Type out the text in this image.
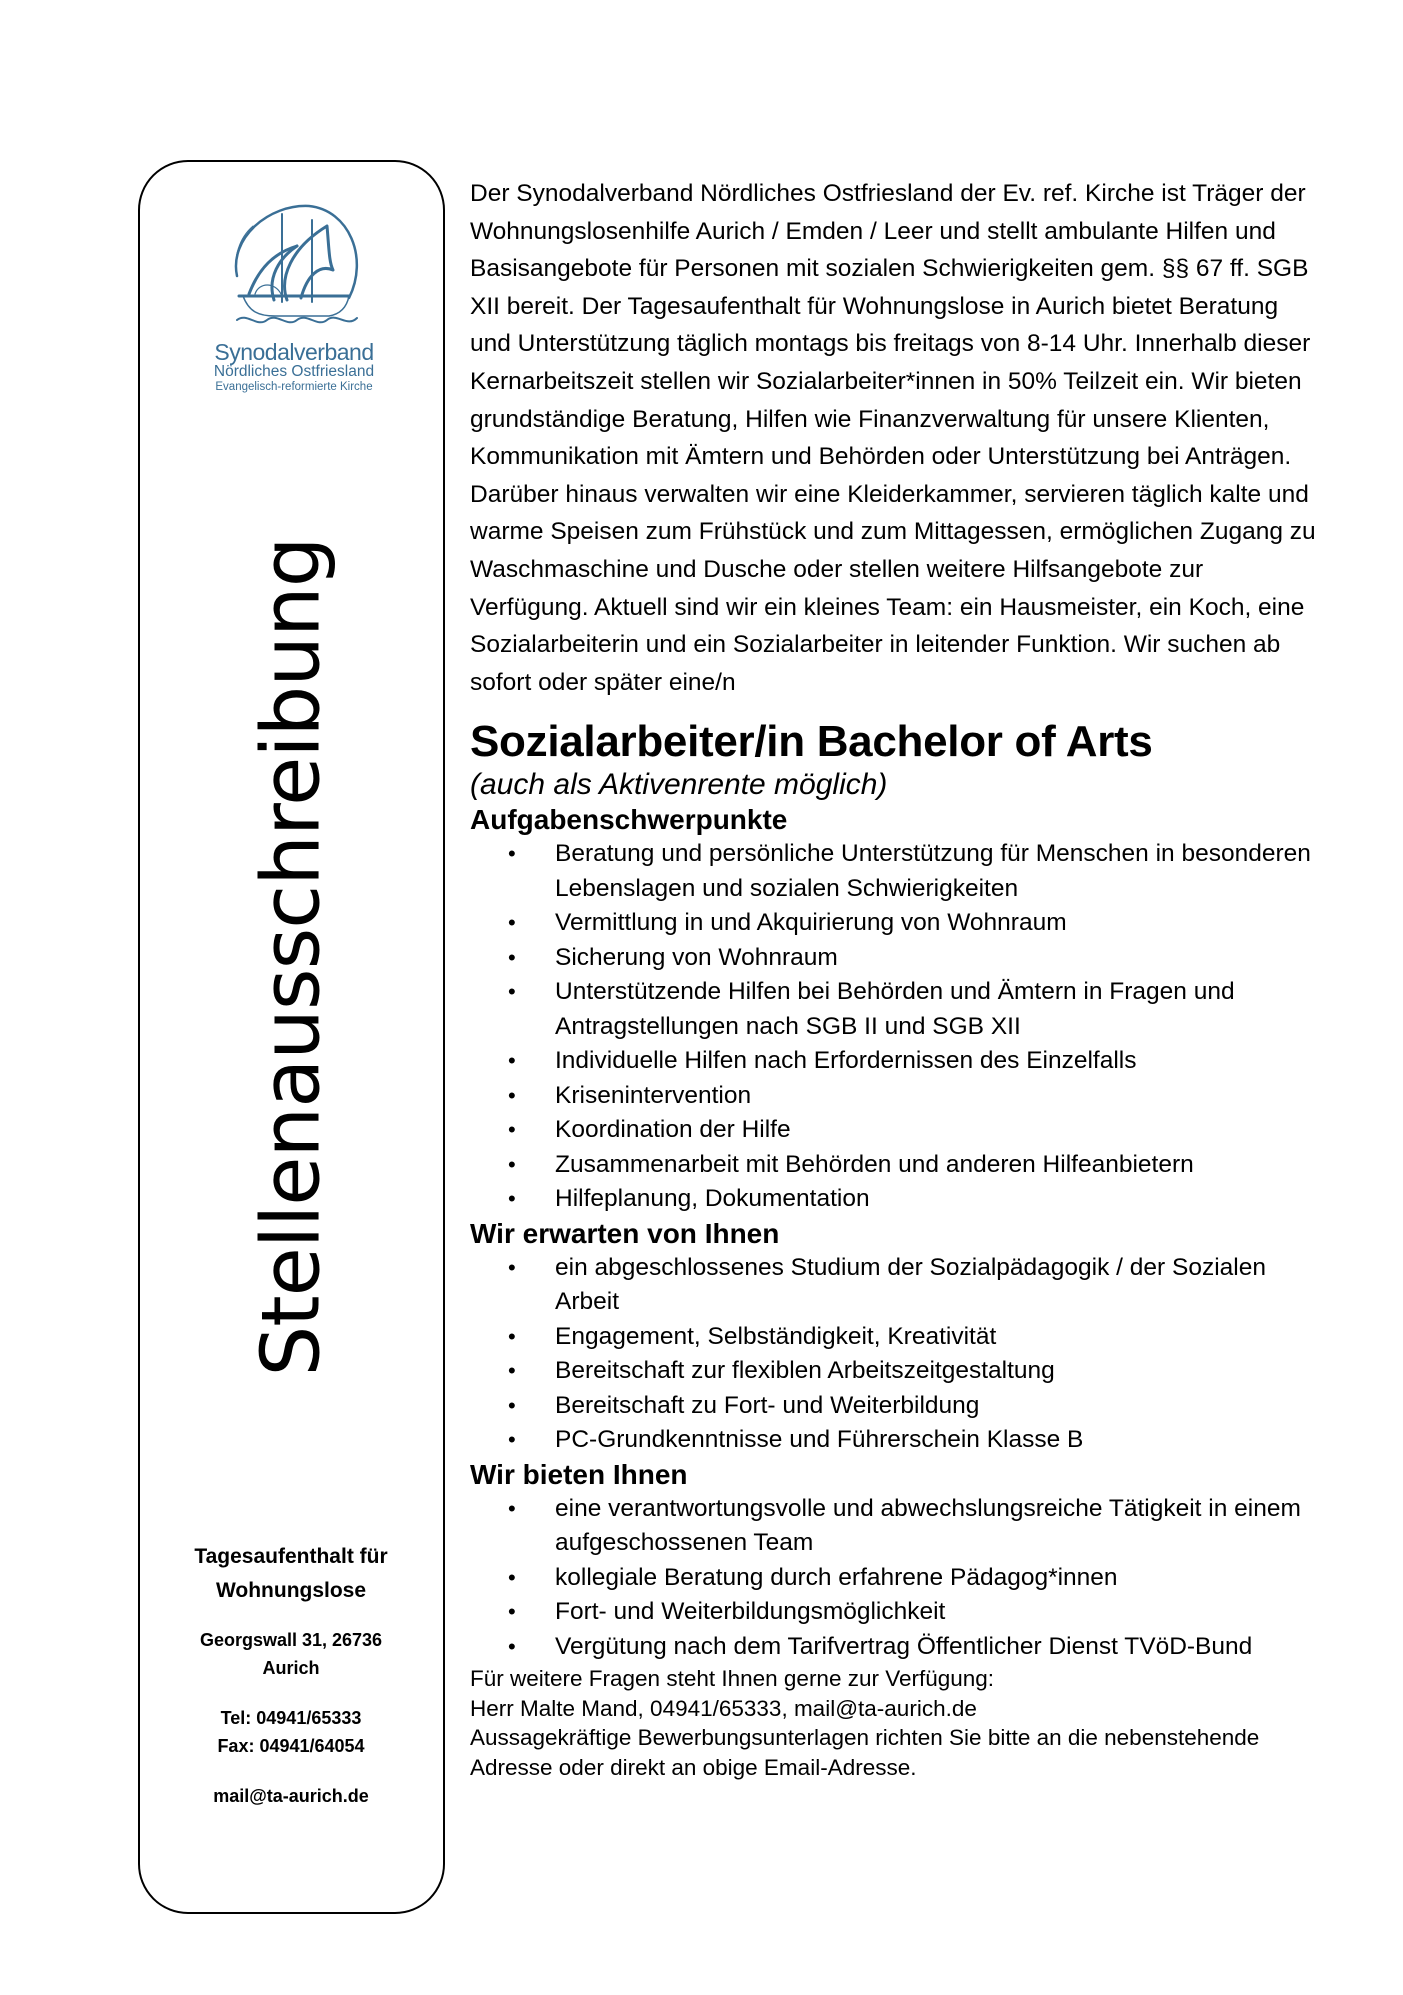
Synodalverband
Nördliches Ostfriesland
Evangelisch-reformierte Kirche
Stellenausschreibung
Tagesaufenthalt für
Wohnungslose
Georgswall 31, 26736
Aurich
Tel: 04941/65333
Fax: 04941/64054
mail@ta-aurich.de

Der Synodalverband Nördliches Ostfriesland der Ev. ref. Kirche ist Träger der Wohnungslosenhilfe Aurich / Emden / Leer und stellt ambulante Hilfen und Basisangebote für Personen mit sozialen Schwierigkeiten gem. §§ 67 ff. SGB XII bereit. Der Tagesaufenthalt für Wohnungslose in Aurich bietet Beratung und Unterstützung täglich montags bis freitags von 8-14 Uhr. Innerhalb dieser Kernarbeitszeit stellen wir Sozialarbeiter*innen in 50% Teilzeit ein. Wir bieten grundständige Beratung, Hilfen wie Finanzverwaltung für unsere Klienten, Kommunikation mit Ämtern und Behörden oder Unterstützung bei Anträgen. Darüber hinaus verwalten wir eine Kleiderkammer, servieren täglich kalte und warme Speisen zum Frühstück und zum Mittagessen, ermöglichen Zugang zu Waschmaschine und Dusche oder stellen weitere Hilfsangebote zur Verfügung. Aktuell sind wir ein kleines Team: ein Hausmeister, ein Koch, eine Sozialarbeiterin und ein Sozialarbeiter in leitender Funktion. Wir suchen ab sofort oder später eine/n

Sozialarbeiter/in Bachelor of Arts
(auch als Aktivenrente möglich)
Aufgabenschwerpunkte
• Beratung und persönliche Unterstützung für Menschen in besonderen Lebenslagen und sozialen Schwierigkeiten
• Vermittlung in und Akquirierung von Wohnraum
• Sicherung von Wohnraum
• Unterstützende Hilfen bei Behörden und Ämtern in Fragen und Antragstellungen nach SGB II und SGB XII
• Individuelle Hilfen nach Erfordernissen des Einzelfalls
• Krisenintervention
• Koordination der Hilfe
• Zusammenarbeit mit Behörden und anderen Hilfeanbietern
• Hilfeplanung, Dokumentation
Wir erwarten von Ihnen
• ein abgeschlossenes Studium der Sozialpädagogik / der Sozialen Arbeit
• Engagement, Selbständigkeit, Kreativität
• Bereitschaft zur flexiblen Arbeitszeitgestaltung
• Bereitschaft zu Fort- und Weiterbildung
• PC-Grundkenntnisse und Führerschein Klasse B
Wir bieten Ihnen
• eine verantwortungsvolle und abwechslungsreiche Tätigkeit in einem aufgeschossenen Team
• kollegiale Beratung durch erfahrene Pädagog*innen
• Fort- und Weiterbildungsmöglichkeit
• Vergütung nach dem Tarifvertrag Öffentlicher Dienst TVöD-Bund

Für weitere Fragen steht Ihnen gerne zur Verfügung:

Herr Malte Mand, 04941/65333, mail@ta-aurich.de

Aussagekräftige Bewerbungsunterlagen richten Sie bitte an die nebenstehende Adresse oder direkt an obige Email-Adresse.
